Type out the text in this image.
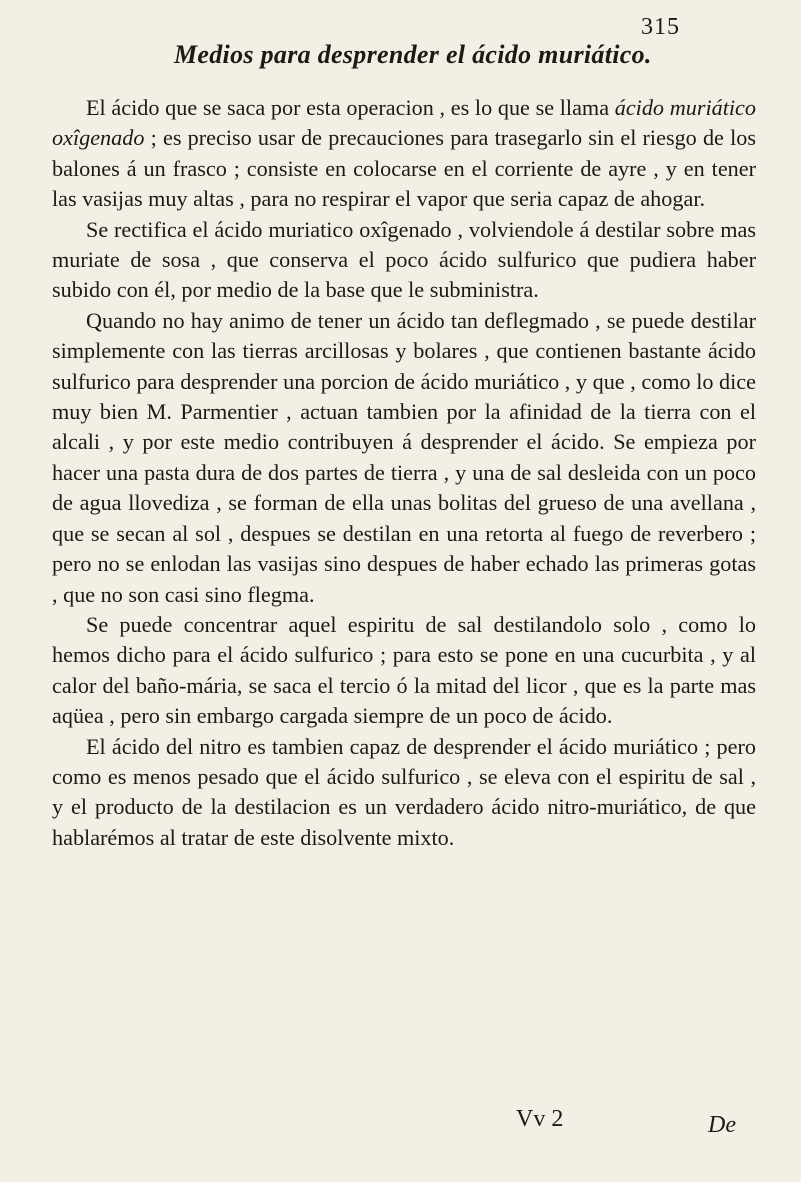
315
Medios para desprender el ácido muriático.

El ácido que se saca por esta operacion , es lo que se llama ácido muriático oxîgenado ; es preciso usar de precauciones para trasegarlo sin el riesgo de los balones á un frasco ; consiste en colocarse en el corriente de ayre , y en tener las vasijas muy altas , para no respirar el vapor que seria capaz de ahogar.

Se rectifica el ácido muriatico oxîgenado , volviendole á destilar sobre mas muriate de sosa , que conserva el poco ácido sulfurico que pudiera haber subido con él, por medio de la base que le subministra.

Quando no hay animo de tener un ácido tan deflegmado , se puede destilar simplemente con las tierras arcillosas y bolares , que contienen bastante ácido sulfurico para desprender una porcion de ácido muriático , y que , como lo dice muy bien M. Parmentier , actuan tambien por la afinidad de la tierra con el alcali , y por este medio contribuyen á desprender el ácido. Se empieza por hacer una pasta dura de dos partes de tierra , y una de sal desleida con un poco de agua llovediza , se forman de ella unas bolitas del grueso de una avellana , que se secan al sol , despues se destilan en una retorta al fuego de reverbero ; pero no se enlodan las vasijas sino despues de haber echado las primeras gotas , que no son casi sino flegma.

Se puede concentrar aquel espiritu de sal destilandolo solo , como lo hemos dicho para el ácido sulfurico ; para esto se pone en una cucurbita , y al calor del baño-mária, se saca el tercio ó la mitad del licor , que es la parte mas aqüea , pero sin embargo cargada siempre de un poco de ácido.

El ácido del nitro es tambien capaz de desprender el ácido muriático ; pero como es menos pesado que el ácido sulfurico , se eleva con el espiritu de sal , y el producto de la destilacion es un verdadero ácido nitro-muriático, de que hablarémos al tratar de este disolvente mixto.

Vv 2	De
